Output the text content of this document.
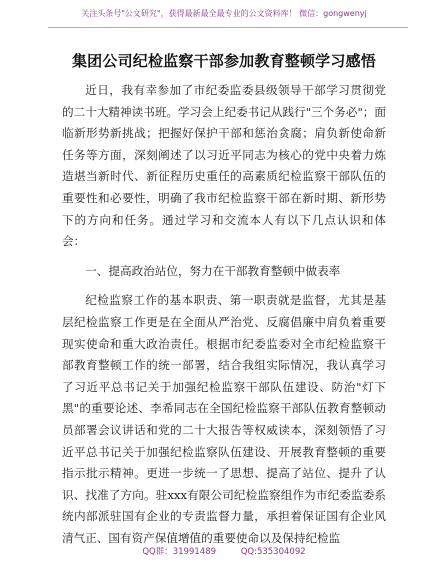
关注头条号"公文研究"，获得最新最全最专业的公文资料库！ 微信：gongwenyj
集团公司纪检监察干部参加教育整顿学习感悟

近日，我有幸参加了市纪委监委县级领导干部学习贯彻党的二十大精神读书班。学习会上纪委书记从践行"三个务必"；面临新形势新挑战；把握好保护干部和惩治贪腐；肩负新使命新任务等方面，深刻阐述了以习近平同志为核心的党中央着力炼造堪当新时代、新征程历史重任的高素质纪检监察干部队伍的重要性和必要性，明确了我市纪检监察干部在新时期、新形势下的方向和任务。通过学习和交流本人有以下几点认识和体会：

一、提高政治站位，努力在干部教育整顿中做表率

纪检监察工作的基本职责、第一职责就是监督，尤其是基层纪检监察工作更是在全面从严治党、反腐倡廉中肩负着重要现实使命和重大政治责任。根据市纪委监委对全市纪检监察干部教育整顿工作的统一部署，结合我组实际情况，我认真学习了习近平总书记关于加强纪检监察干部队伍建设、防治"灯下黑"的重要论述、李希同志在全国纪检监察干部队伍教育整顿动员部署会议讲话和党的二十大报告等权威读本，深刻领悟了习近平总书记关于加强纪检监察队伍建设、开展教育整顿的重要指示批示精神。更进一步统一了思想、提高了站位、提升了认识、找准了方向。驻xxx有限公司纪检监察组作为市纪委监委系统内部派驻国有企业的专责监督力量，承担着保证国有企业风清气正、国有资产保值增值的重要使命以及保持纪检监

QQ群：31991489	QQ:535304092
